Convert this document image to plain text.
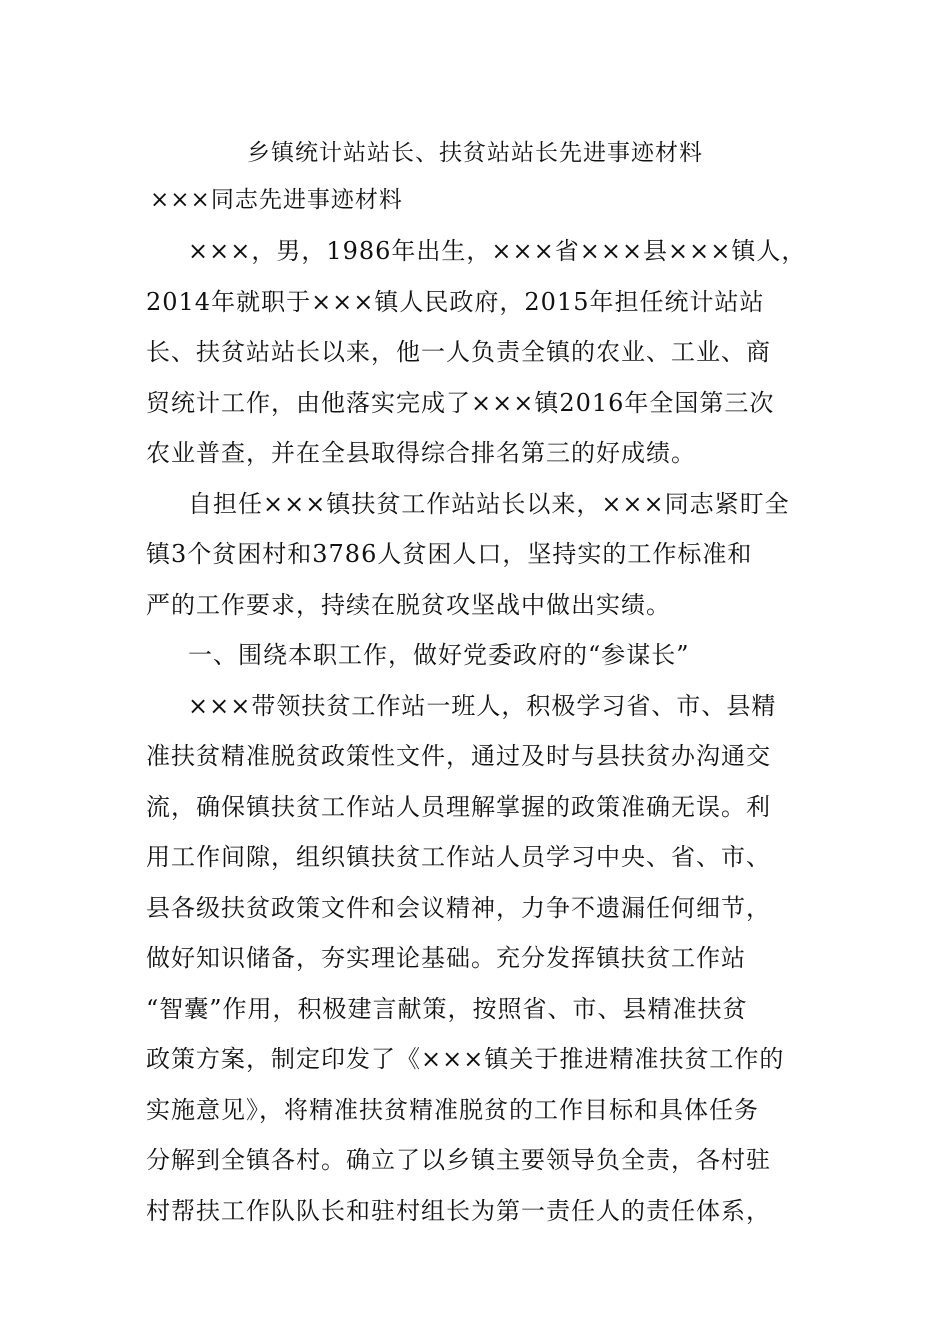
乡镇统计站站长、扶贫站站长先进事迹材料
×××同志先进事迹材料
×××，男，1986年出生，×××省×××县×××镇人，
2014年就职于×××镇人民政府，2015年担任统计站站
长、扶贫站站长以来，他一人负责全镇的农业、工业、商
贸统计工作，由他落实完成了×××镇2016年全国第三次
农业普查，并在全县取得综合排名第三的好成绩。
自担任×××镇扶贫工作站站长以来，×××同志紧盯全
镇3个贫困村和3786人贫困人口，坚持实的工作标准和
严的工作要求，持续在脱贫攻坚战中做出实绩。
一、围绕本职工作，做好党委政府的“参谋长”
×××带领扶贫工作站一班人，积极学习省、市、县精
准扶贫精准脱贫政策性文件，通过及时与县扶贫办沟通交
流，确保镇扶贫工作站人员理解掌握的政策准确无误。利
用工作间隙，组织镇扶贫工作站人员学习中央、省、市、
县各级扶贫政策文件和会议精神，力争不遗漏任何细节，
做好知识储备，夯实理论基础。充分发挥镇扶贫工作站
“智囊”作用，积极建言献策，按照省、市、县精准扶贫
政策方案，制定印发了《×××镇关于推进精准扶贫工作的
实施意见》，将精准扶贫精准脱贫的工作目标和具体任务
分解到全镇各村。确立了以乡镇主要领导负全责，各村驻
村帮扶工作队队长和驻村组长为第一责任人的责任体系，
